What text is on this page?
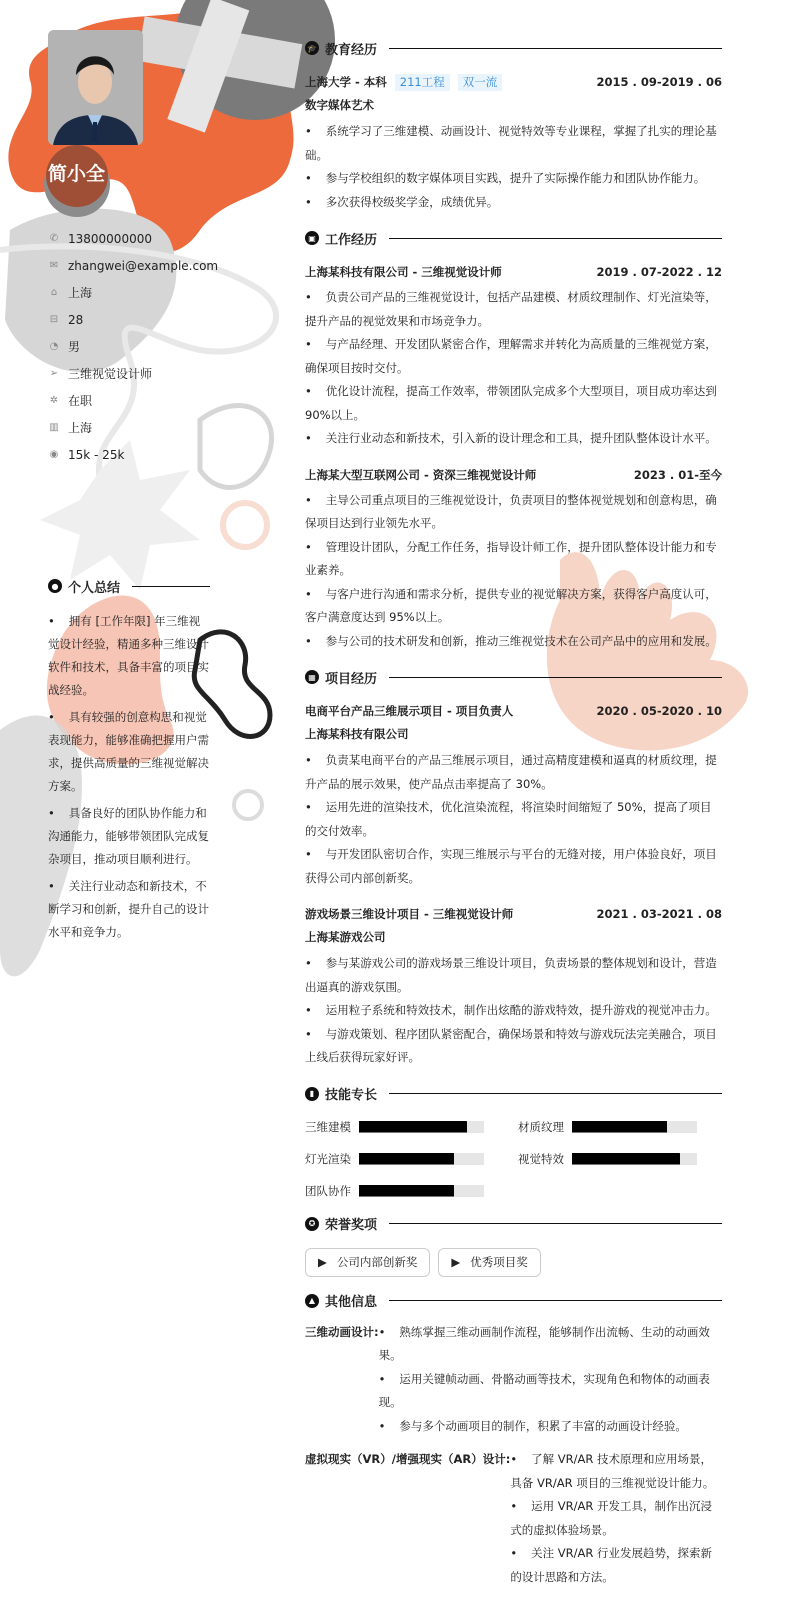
简小全
✆ 13800000000
✉ zhangwei@example.com
⌂ 上海
⊟ 28
◔ 男
➢ 三维视觉设计师
✲ 在职
▥ 上海
◉ 15k - 25k
● 个人总结
• 拥有 [工作年限] 年三维视觉设计经验，精通多种三维设计软件和技术，具备丰富的项目实战经验。
• 具有较强的创意构思和视觉表现能力，能够准确把握用户需求，提供高质量的三维视觉解决方案。
• 具备良好的团队协作能力和沟通能力，能够带领团队完成复杂项目，推动项目顺利进行。
• 关注行业动态和新技术，不断学习和创新，提升自己的设计水平和竞争力。
🎓 教育经历
上海大学 - 本科 211工程 双一流	2015 . 09-2019 . 06
数字媒体艺术
• 系统学习了三维建模、动画设计、视觉特效等专业课程，掌握了扎实的理论基础。
• 参与学校组织的数字媒体项目实践，提升了实际操作能力和团队协作能力。
• 多次获得校级奖学金，成绩优异。
▣ 工作经历
上海某科技有限公司 - 三维视觉设计师	2019 . 07-2022 . 12
• 负责公司产品的三维视觉设计，包括产品建模、材质纹理制作、灯光渲染等，提升产品的视觉效果和市场竞争力。
• 与产品经理、开发团队紧密合作，理解需求并转化为高质量的三维视觉方案，确保项目按时交付。
• 优化设计流程，提高工作效率，带领团队完成多个大型项目，项目成功率达到 90%以上。
• 关注行业动态和新技术，引入新的设计理念和工具，提升团队整体设计水平。
上海某大型互联网公司 - 资深三维视觉设计师	2023 . 01-至今
• 主导公司重点项目的三维视觉设计，负责项目的整体视觉规划和创意构思，确保项目达到行业领先水平。
• 管理设计团队，分配工作任务，指导设计师工作，提升团队整体设计能力和专业素养。
• 与客户进行沟通和需求分析，提供专业的视觉解决方案，获得客户高度认可，客户满意度达到 95%以上。
• 参与公司的技术研发和创新，推动三维视觉技术在公司产品中的应用和发展。
▦ 项目经历
电商平台产品三维展示项目 - 项目负责人	2020 . 05-2020 . 10
上海某科技有限公司
• 负责某电商平台的产品三维展示项目，通过高精度建模和逼真的材质纹理，提升产品的展示效果，使产品点击率提高了 30%。
• 运用先进的渲染技术，优化渲染流程，将渲染时间缩短了 50%，提高了项目的交付效率。
• 与开发团队密切合作，实现三维展示与平台的无缝对接，用户体验良好，项目获得公司内部创新奖。
游戏场景三维设计项目 - 三维视觉设计师	2021 . 03-2021 . 08
上海某游戏公司
• 参与某游戏公司的游戏场景三维设计项目，负责场景的整体规划和设计，营造出逼真的游戏氛围。
• 运用粒子系统和特效技术，制作出炫酷的游戏特效，提升游戏的视觉冲击力。
• 与游戏策划、程序团队紧密配合，确保场景和特效与游戏玩法完美融合，项目上线后获得玩家好评。
▮ 技能专长
三维建模	材质纹理
灯光渲染	视觉特效
团队协作
✪ 荣誉奖项
▶ 公司内部创新奖	▶ 优秀项目奖
▲ 其他信息
三维动画设计:	• 熟练掌握三维动画制作流程，能够制作出流畅、生动的动画效果。
• 运用关键帧动画、骨骼动画等技术，实现角色和物体的动画表现。
• 参与多个动画项目的制作，积累了丰富的动画设计经验。
虚拟现实（VR）/增强现实（AR）设计:	• 了解 VR/AR 技术原理和应用场景，具备 VR/AR 项目的三维视觉设计能力。
• 运用 VR/AR 开发工具，制作出沉浸式的虚拟体验场景。
• 关注 VR/AR 行业发展趋势，探索新的设计思路和方法。
